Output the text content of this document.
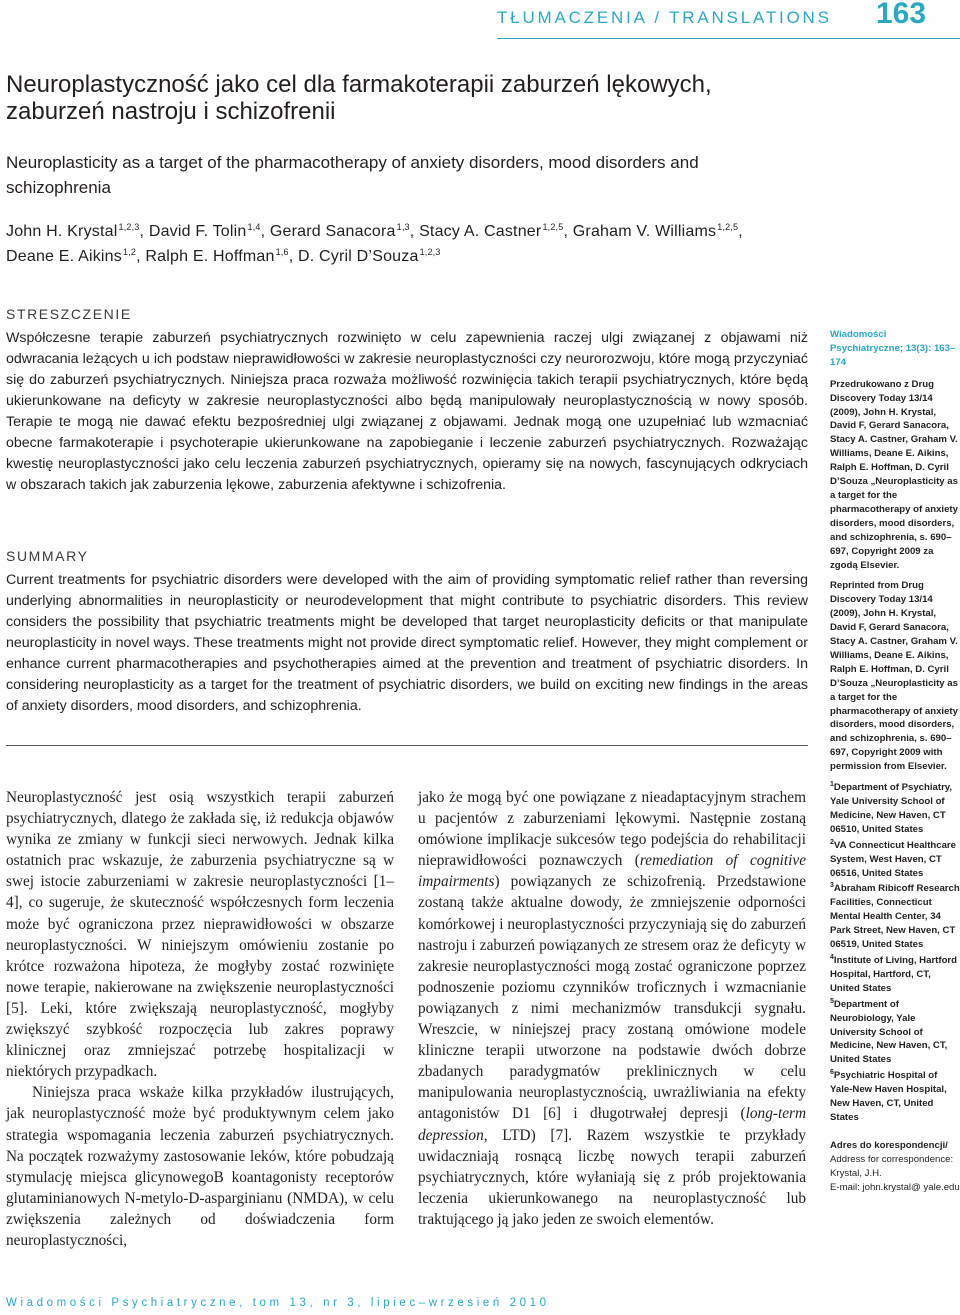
TŁUMACZENIA / TRANSLATIONS 163
Neuroplastyczność jako cel dla farmakoterapii zaburzeń lękowych, zaburzeń nastroju i schizofrenii
Neuroplasticity as a target of the pharmacotherapy of anxiety disorders, mood disorders and schizophrenia
John H. Krystal$^{1,2,3}$, David F. Tolin$^{1,4}$, Gerard Sanacora$^{1,3}$, Stacy A. Castner$^{1,2,5}$, Graham V. Williams$^{1,2,5}$,
Deane E. Aikins$^{1,2}$, Ralph E. Hoffman$^{1,6}$, D. Cyril D’Souza$^{1,2,3}$
STRESZCZENIE
Współczesne terapie zaburzeń psychiatrycznych rozwinięto w celu zapewnienia raczej ulgi związanej z objawami niż odwracania leżących u ich podstaw nieprawidłowości w zakresie neuroplastyczności czy neurorozwoju, które mogą przyczyniać się do zaburzeń psychiatrycznych. Niniejsza praca rozważa możliwość rozwinięcia takich terapii psychiatrycznych, które będą ukierunkowane na deficyty w zakresie neuroplastyczności albo będą manipulowały neuroplastycznością w nowy sposób. Terapie te mogą nie dawać efektu bezpośredniej ulgi związanej z objawami. Jednak mogą one uzupełniać lub wzmacniać obecne farmakoterapie i psychoterapie ukierunkowane na zapobieganie i leczenie zaburzeń psychiatrycznych. Rozważając kwestię neuroplastyczności jako celu leczenia zaburzeń psychiatrycznych, opieramy się na nowych, fascynujących odkryciach w obszarach takich jak zaburzenia lękowe, zaburzenia afektywne i schizofrenia.
SUMMARY
Current treatments for psychiatric disorders were developed with the aim of providing symptomatic relief rather than reversing underlying abnormalities in neuroplasticity or neurodevelopment that might contribute to psychiatric disorders. This review considers the possibility that psychiatric treatments might be developed that target neuroplasticity deficits or that manipulate neuroplasticity in novel ways. These treatments might not provide direct symptomatic relief. However, they might complement or enhance current pharmacotherapies and psychotherapies aimed at the prevention and treatment of psychiatric disorders. In considering neuroplasticity as a target for the treatment of psychiatric disorders, we build on exciting new findings in the areas of anxiety disorders, mood disorders, and schizophrenia.

Neuroplastyczność jest osią wszystkich terapii zaburzeń psychiatrycznych, dlatego że zakłada się, iż redukcja objawów wynika ze zmiany w funkcji sieci nerwowych. Jednak kilka ostatnich prac wskazuje, że zaburzenia psychiatryczne są w swej istocie zaburzeniami w zakresie neuroplastyczności [1–4], co sugeruje, że skuteczność współczesnych form leczenia może być ograniczona przez nieprawidłowości w obszarze neuroplastyczności. W niniejszym omówieniu zostanie po krótce rozważona hipoteza, że mogłyby zostać rozwinięte nowe terapie, nakierowane na zwiększenie neuroplastyczności [5]. Leki, które zwiększają neuroplastyczność, mogłyby zwiększyć szybkość rozpoczęcia lub zakres poprawy klinicznej oraz zmniejszać potrzebę hospitalizacji w niektórych przypadkach.

Niniejsza praca wskaże kilka przykładów ilustrujących, jak neuroplastyczność może być produktywnym celem jako strategia wspomagania leczenia zaburzeń psychiatrycznych. Na początek rozważymy zastosowanie leków, które pobudzają stymulację miejsca glicynowegoB koantagonisty receptorów glutaminianowych N-metylo-D-asparginianu (NMDA), w celu zwiększenia zależnych od doświadczenia form neuroplastyczności,

jako że mogą być one powiązane z nieadaptacyjnym strachem u pacjentów z zaburzeniami lękowymi. Następnie zostaną omówione implikacje sukcesów tego podejścia do rehabilitacji nieprawidłowości poznawczych (remediation of cognitive impairments) powiązanych ze schizofrenią. Przedstawione zostaną także aktualne dowody, że zmniejszenie odporności komórkowej i neuroplastyczności przyczyniają się do zaburzeń nastroju i zaburzeń powiązanych ze stresem oraz że deficyty w zakresie neuroplastyczności mogą zostać ograniczone poprzez podnoszenie poziomu czynników troficznych i wzmacnianie powiązanych z nimi mechanizmów transdukcji sygnału. Wreszcie, w niniejszej pracy zostaną omówione modele kliniczne terapii utworzone na podstawie dwóch dobrze zbadanych paradygmatów preklinicznych w celu manipulowania neuroplastycznością, uwrażliwiania na efekty antagonistów D1 [6] i długotrwałej depresji (long-term depression, LTD) [7]. Razem wszystkie te przykłady uwidaczniają rosnącą liczbę nowych terapii zaburzeń psychiatrycznych, które wyłaniają się z prób projektowania leczenia ukierunkowanego na neuroplastyczność lub traktującego ją jako jeden ze swoich elementów.

Wiadomości Psychiatryczne; 13(3): 163–174
Przedrukowano z Drug Discovery Today 13/14 (2009), John H. Krystal, David F, Gerard Sanacora, Stacy A. Castner, Graham V. Williams, Deane E. Aikins, Ralph E. Hoffman, D. Cyril D’Souza „Neuroplasticity as a target for the pharmacotherapy of anxiety disorders, mood disorders, and schizophrenia, s. 690–697, Copyright 2009 za zgodą Elsevier.
Reprinted from Drug Discovery Today 13/14 (2009), John H. Krystal, David F, Gerard Sanacora, Stacy A. Castner, Graham V. Williams, Deane E. Aikins, Ralph E. Hoffman, D. Cyril D’Souza „Neuroplasticity as a target for the pharmacotherapy of anxiety disorders, mood disorders, and schizophrenia, s. 690–697, Copyright 2009 with permission from Elsevier.
$^1$Department of Psychiatry, Yale University School of Medicine, New Haven, CT 06510, United States
$^2$VA Connecticut Healthcare System, West Haven, CT 06516, United States
$^3$Abraham Ribicoff Research Facilities, Connecticut Mental Health Center, 34 Park Street, New Haven, CT 06519, United States
$^4$Institute of Living, Hartford Hospital, Hartford, CT, United States
$^5$Department of Neurobiology, Yale University School of Medicine, New Haven, CT, United States
$^6$Psychiatric Hospital of Yale-New Haven Hospital, New Haven, CT, United States
Adres do korespondencji/
Address for correspondence:
Krystal, J.H.
E-mail: john.krystal@ yale.edu
Wiadomości Psychiatryczne, tom 13, nr 3, lipiec–wrzesień 2010
